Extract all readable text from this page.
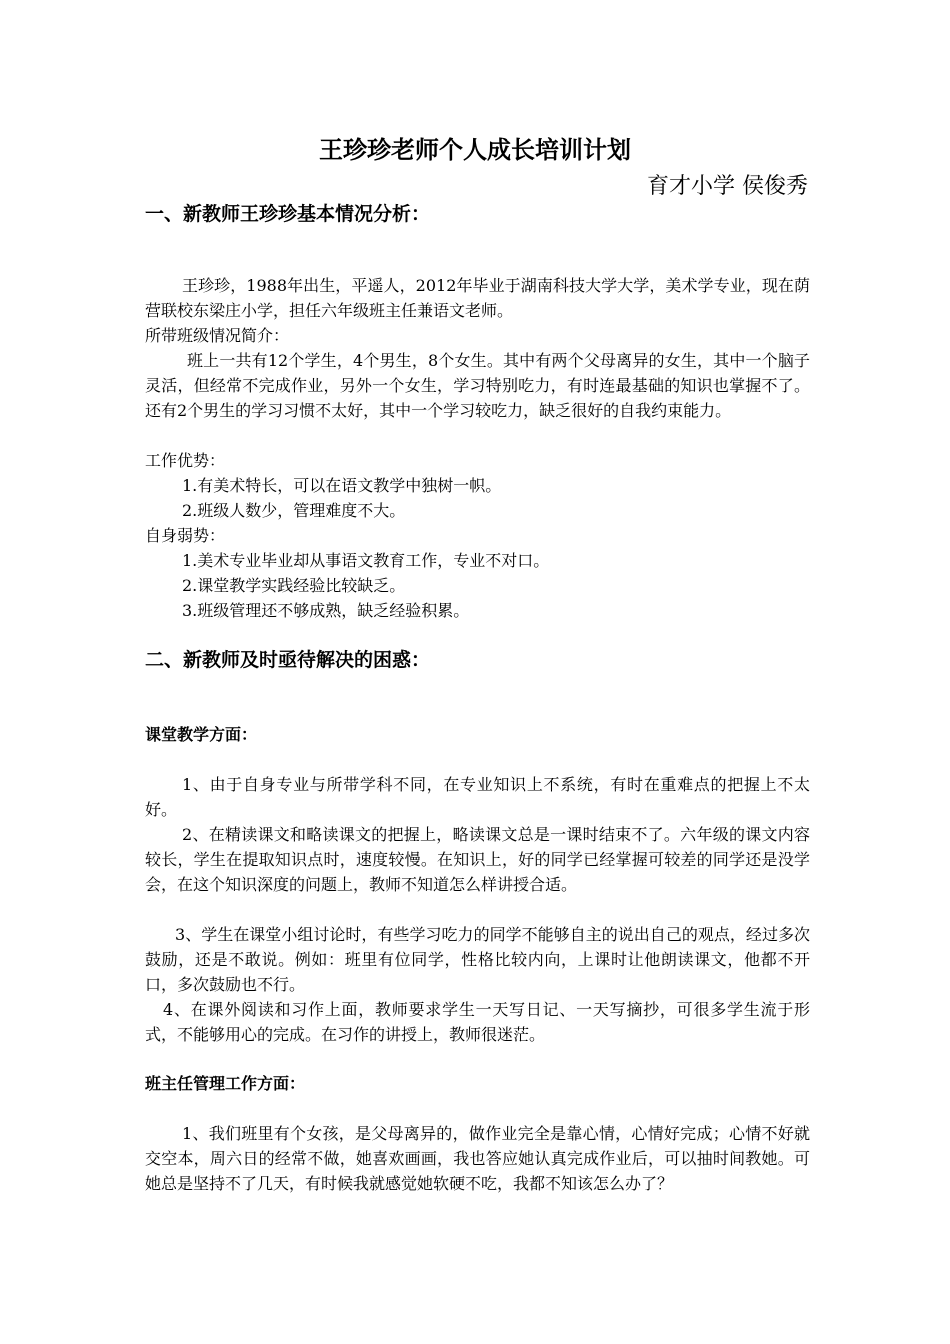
王珍珍老师个人成长培训计划
育才小学 侯俊秀
一、新教师王珍珍基本情况分析：

王珍珍，1988年出生，平遥人，2012年毕业于湖南科技大学大学，美术学专业，现在荫营联校东梁庄小学，担任六年级班主任兼语文老师。

所带班级情况简介：

班上一共有12个学生，4个男生，8个女生。其中有两个父母离异的女生，其中一个脑子灵活，但经常不完成作业，另外一个女生，学习特别吃力，有时连最基础的知识也掌握不了。还有2个男生的学习习惯不太好，其中一个学习较吃力，缺乏很好的自我约束能力。

工作优势：

1.有美术特长，可以在语文教学中独树一帜。

2.班级人数少，管理难度不大。

自身弱势：

1.美术专业毕业却从事语文教育工作，专业不对口。

2.课堂教学实践经验比较缺乏。

3.班级管理还不够成熟，缺乏经验积累。

二、新教师及时亟待解决的困惑：
课堂教学方面：

1、由于自身专业与所带学科不同，在专业知识上不系统，有时在重难点的把握上不太好。

2、在精读课文和略读课文的把握上，略读课文总是一课时结束不了。六年级的课文内容较长，学生在提取知识点时，速度较慢。在知识上，好的同学已经掌握可较差的同学还是没学会，在这个知识深度的问题上，教师不知道怎么样讲授合适。

3、学生在课堂小组讨论时，有些学习吃力的同学不能够自主的说出自己的观点，经过多次鼓励，还是不敢说。例如：班里有位同学，性格比较内向，上课时让他朗读课文，他都不开口，多次鼓励也不行。

4、在课外阅读和习作上面，教师要求学生一天写日记、一天写摘抄，可很多学生流于形式，不能够用心的完成。在习作的讲授上，教师很迷茫。

班主任管理工作方面：

1、我们班里有个女孩，是父母离异的，做作业完全是靠心情，心情好完成；心情不好就交空本，周六日的经常不做，她喜欢画画，我也答应她认真完成作业后，可以抽时间教她。可她总是坚持不了几天，有时候我就感觉她软硬不吃，我都不知该怎么办了？
